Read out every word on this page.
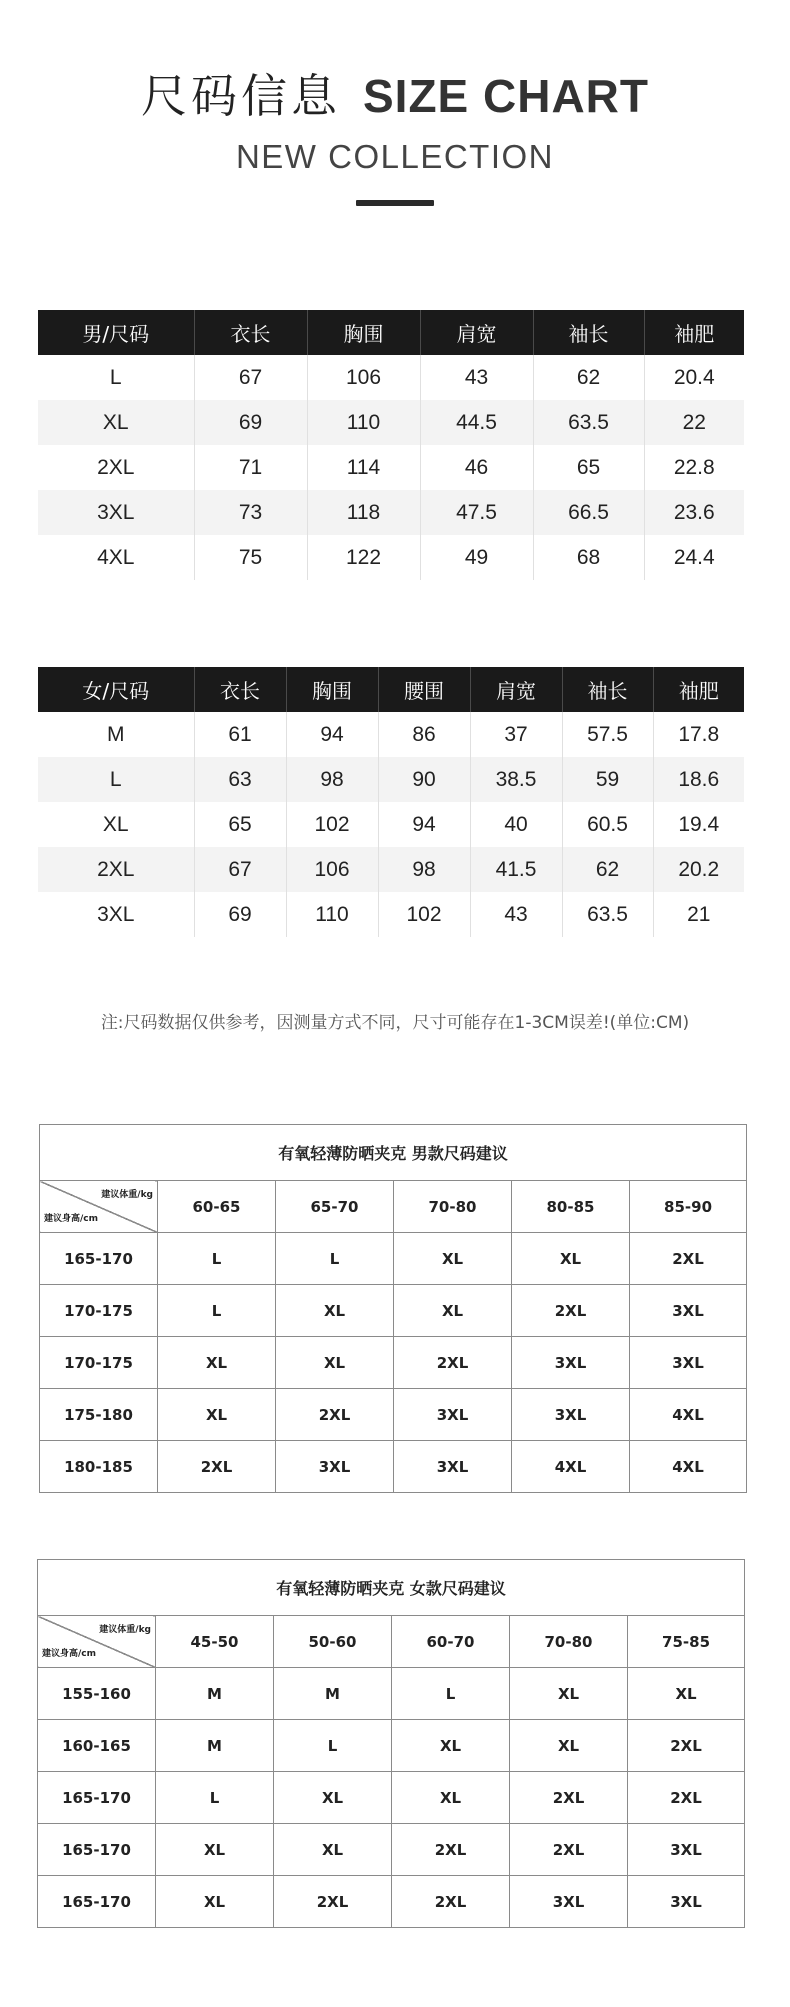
尺码信息 SIZE CHART
NEW COLLECTION
男/尺码	衣长	胸围	肩宽	袖长	袖肥
L	67	106	43	62	20.4
XL	69	110	44.5	63.5	22
2XL	71	114	46	65	22.8
3XL	73	118	47.5	66.5	23.6
4XL	75	122	49	68	24.4
女/尺码	衣长	胸围	腰围	肩宽	袖长	袖肥
M	61	94	86	37	57.5	17.8
L	63	98	90	38.5	59	18.6
XL	65	102	94	40	60.5	19.4
2XL	67	106	98	41.5	62	20.2
3XL	69	110	102	43	63.5	21
注:尺码数据仅供参考，因测量方式不同，尺寸可能存在1-3CM误差!(单位:CM)
有氧轻薄防晒夹克 男款尺码建议					

建议体重/kg
建议身高/cm	60-65	65-70	70-80	80-85	85-90
165-170	L	L	XL	XL	2XL
170-175	L	XL	XL	2XL	3XL
170-175	XL	XL	2XL	3XL	3XL
175-180	XL	2XL	3XL	3XL	4XL
180-185	2XL	3XL	3XL	4XL	4XL
有氧轻薄防晒夹克 女款尺码建议					

建议体重/kg
建议身高/cm	45-50	50-60	60-70	70-80	75-85
155-160	M	M	L	XL	XL
160-165	M	L	XL	XL	2XL
165-170	L	XL	XL	2XL	2XL
165-170	XL	XL	2XL	2XL	3XL
165-170	XL	2XL	2XL	3XL	3XL
